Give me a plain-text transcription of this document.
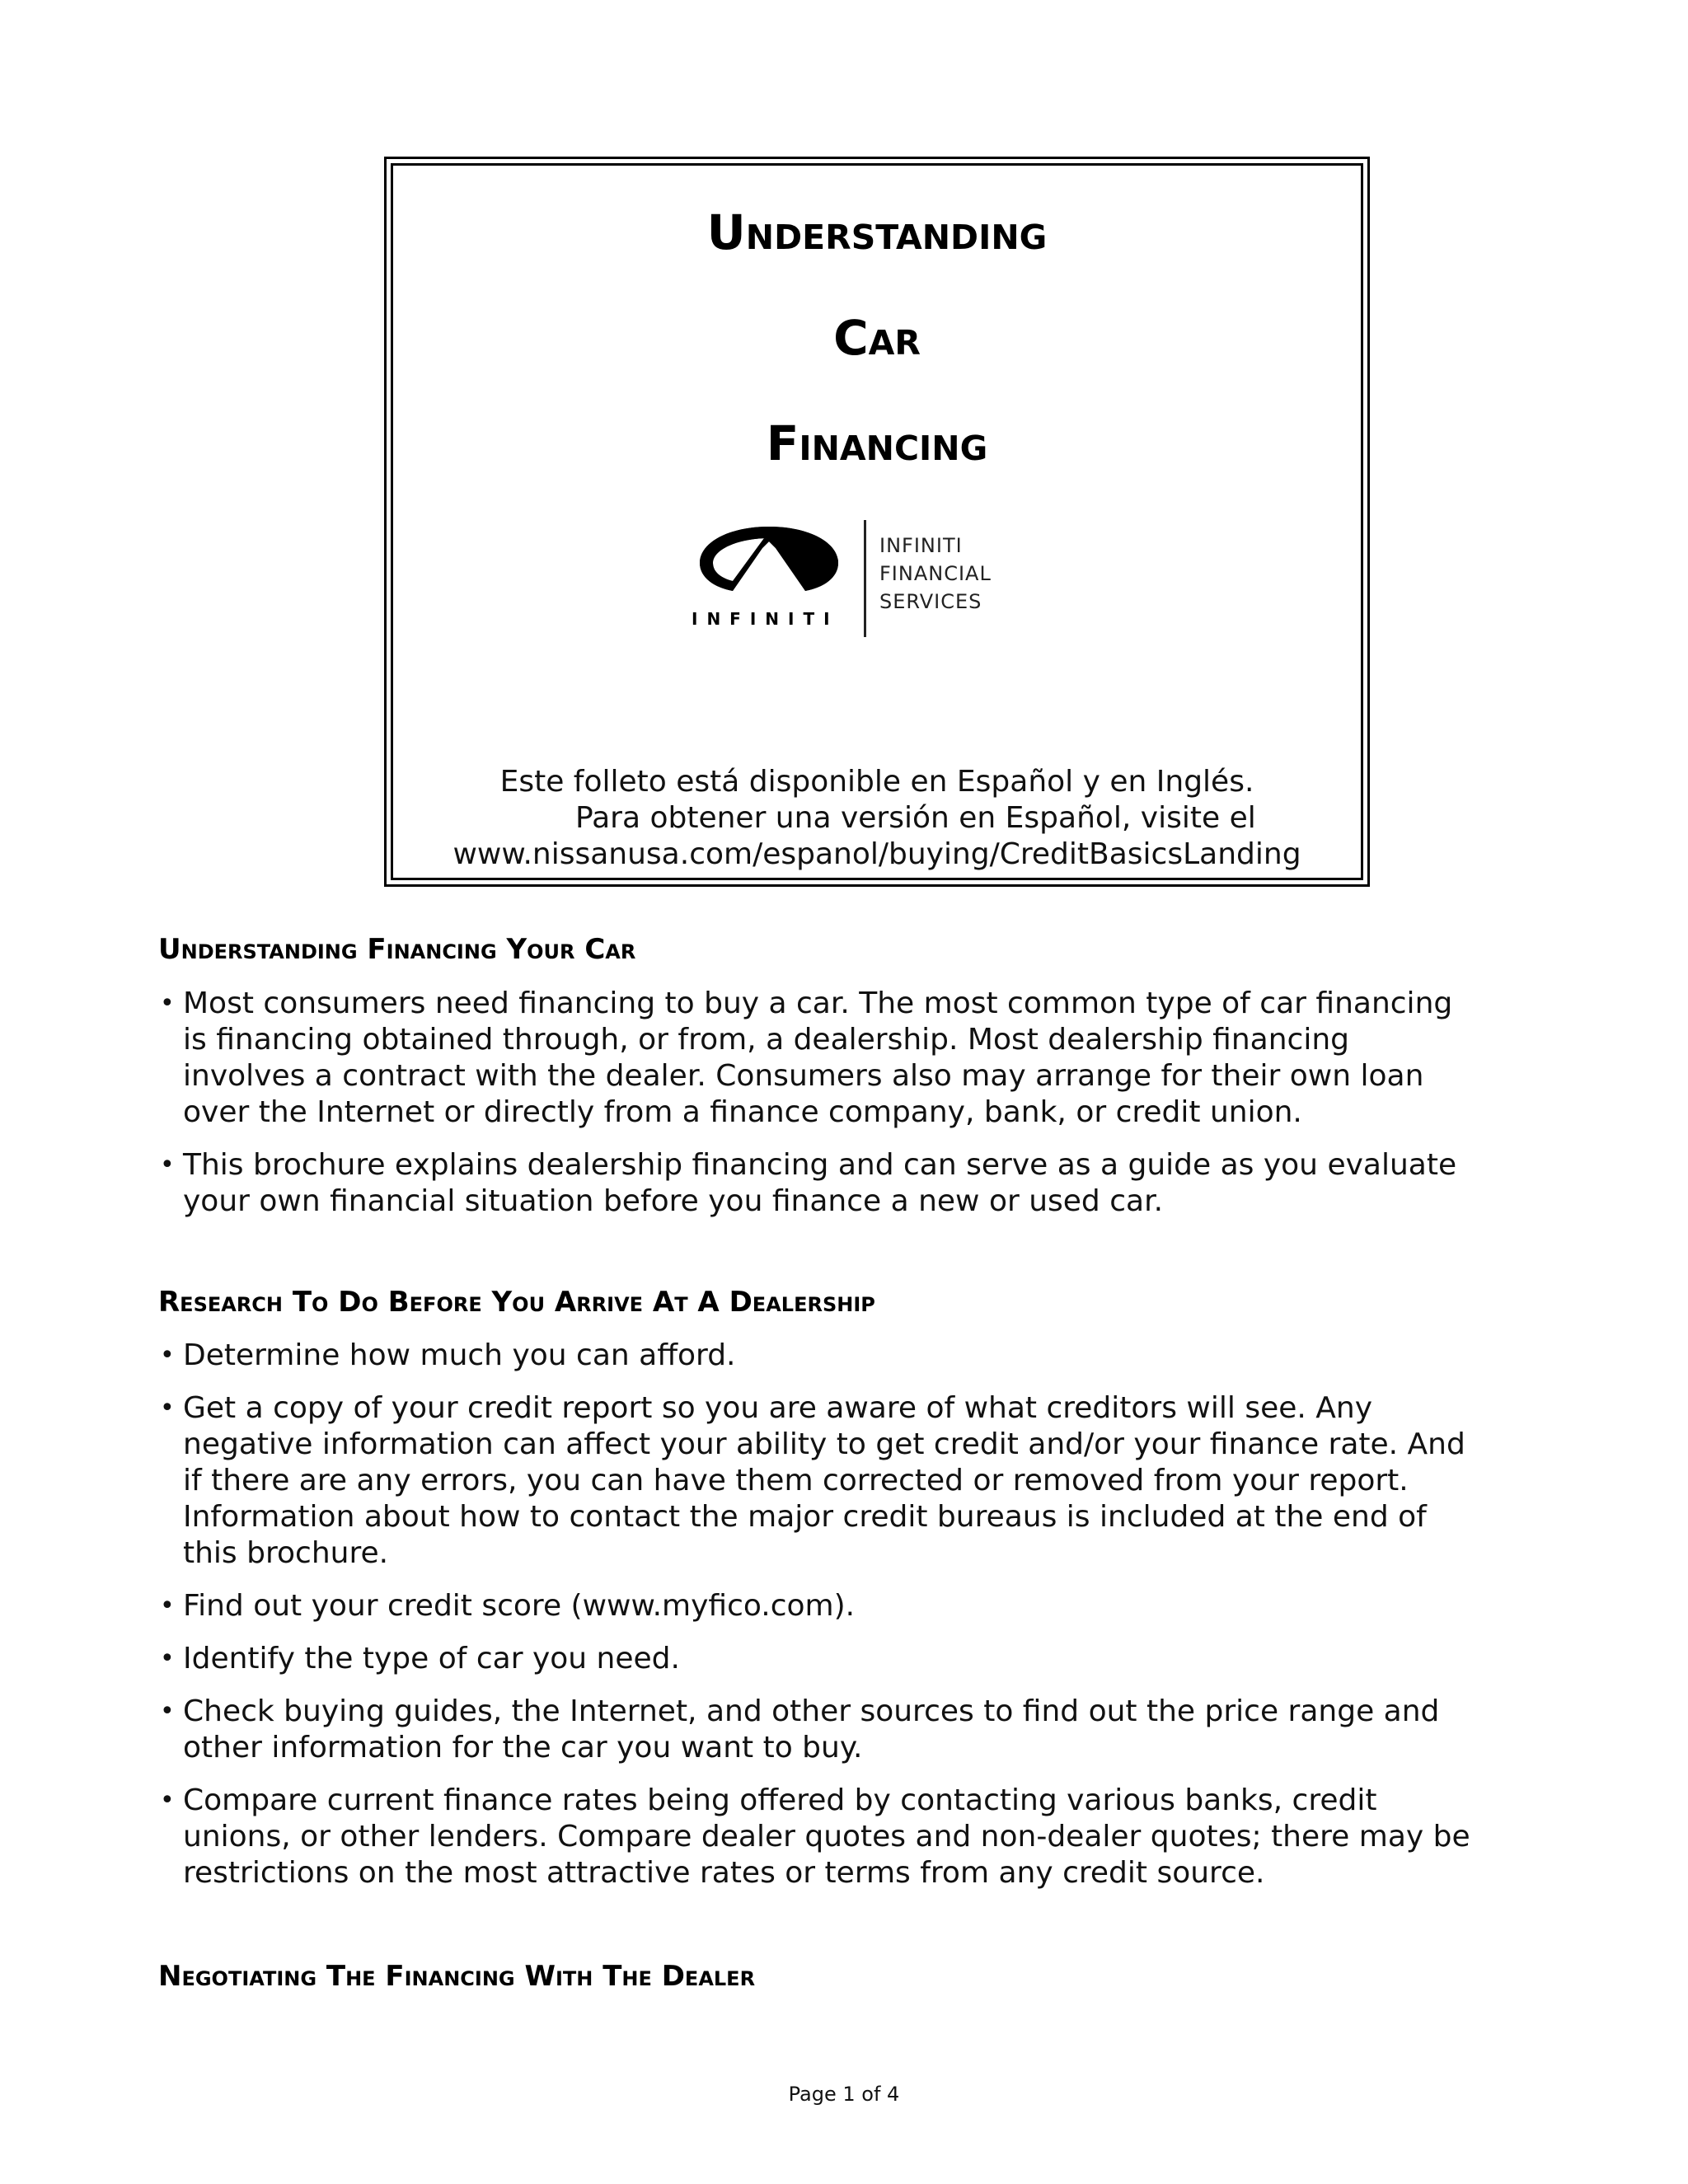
Understanding
Car
Financing
INFINITI
INFINITI
FINANCIAL
SERVICES
Este folleto está disponible en Español y en Inglés.
Para obtener una versión en Español, visite el
www.nissanusa.com/espanol/buying/CreditBasicsLanding
Understanding Financing Your Car
• Most consumers need financing to buy a car. The most common type of car financing
is financing obtained through, or from, a dealership. Most dealership financing
involves a contract with the dealer. Consumers also may arrange for their own loan
over the Internet or directly from a finance company, bank, or credit union.
• This brochure explains dealership financing and can serve as a guide as you evaluate
your own financial situation before you finance a new or used car.
Research To Do Before You Arrive At A Dealership
• Determine how much you can afford.
• Get a copy of your credit report so you are aware of what creditors will see. Any
negative information can affect your ability to get credit and/or your finance rate. And
if there are any errors, you can have them corrected or removed from your report.
Information about how to contact the major credit bureaus is included at the end of
this brochure.
• Find out your credit score (www.myfico.com).
• Identify the type of car you need.
• Check buying guides, the Internet, and other sources to find out the price range and
other information for the car you want to buy.
• Compare current finance rates being offered by contacting various banks, credit
unions, or other lenders. Compare dealer quotes and non-dealer quotes; there may be
restrictions on the most attractive rates or terms from any credit source.
Negotiating The Financing With The Dealer
Page 1 of 4
